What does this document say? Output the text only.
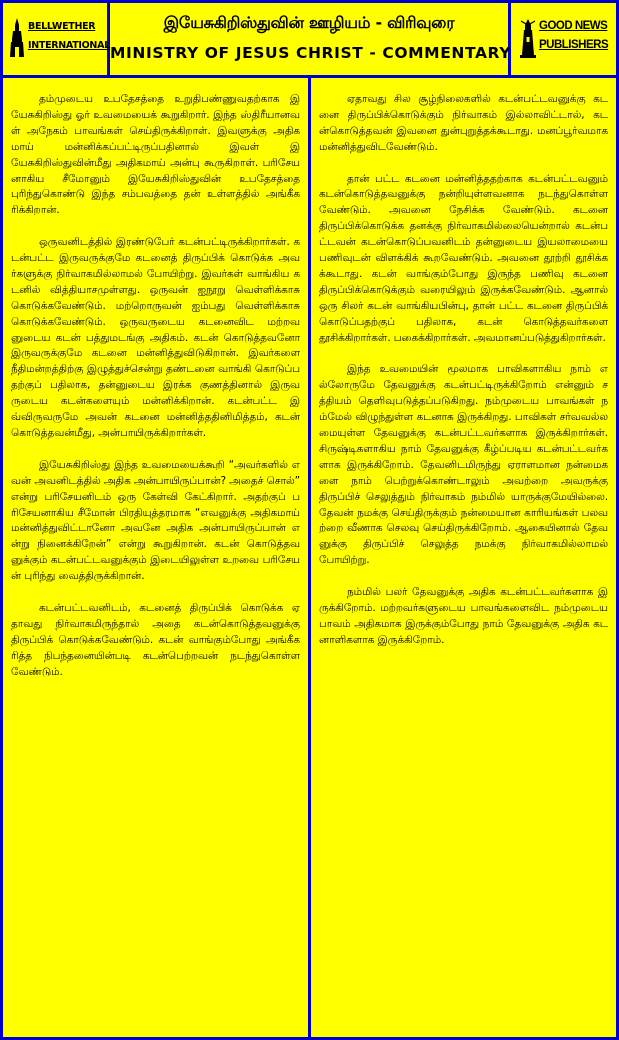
BELLWETHER
INTERNATIONAL
இயேசுகிறிஸ்துவின் ஊழியம் - விரிவுரை
MINISTRY OF JESUS CHRIST - COMMENTARY
GOOD NEWS
PUBLISHERS

தம்முடைய உபதேசத்தை உறுதிபண்ணுவதற்காக இயேசுகிறிஸ்து ஓர் உவமையைக் கூறுகிறார். இந்த ஸ்திரீயானவள் அநேகம் பாவங்கள் செய்திருக்கிறாள். இவளுக்கு அதிகமாய் மன்னிக்கப்பட்டிருப்பதினால் இவள் இயேசுகிறிஸ்துவின்மீது அதிகமாய் அன்பு கூருகிறாள். பரிசேயனாகிய சீமோனும் இயேசுகிறிஸ்துவின் உபதேசத்தை புரிந்துகொண்டு இந்த சம்பவத்தை தன் உள்ளத்தில் அங்கீகரிக்கிறான்.

ஒருவனிடத்தில் இரண்டுபேர் கடன்பட்டிருக்கிறார்கள். கடன்பட்ட இருவருக்குமே கடனைத் திருப்பிக் கொடுக்க அவர்களுக்கு நிர்வாகமில்லாமல் போயிற்று. இவர்கள் வாங்கிய கடனில் வித்தியாசமுள்ளது. ஒருவன் ஐநூறு வெள்ளிக்காசு கொடுக்கவேண்டும். மற்றொருவன் ஐம்பது வெள்ளிக்காசு கொடுக்கவேண்டும். ஒருவருடைய கடனைவிட மற்றவனுடைய கடன் பத்துமடங்கு அதிகம். கடன் கொடுத்தவனோ இருவருக்குமே கடனை மன்னித்துவிடுகிறான். இவர்களை நீதிமன்றத்திற்கு இழுத்துச்சென்று தண்டனை வாங்கி கொடுப்பதற்குப் பதிலாக, தன்னுடைய இரக்க குணத்தினால் இருவருடைய கடன்களையும் மன்னிக்கிறான். கடன்பட்ட இவ்விருவருமே அவன் கடனை மன்னித்ததினிமித்தம், கடன் கொடுத்தவன்மீது, அன்பாயிருக்கிறார்கள்.

இயேசுகிறிஸ்து இந்த உவமையைக்கூறி “அவர்களில் எவன் அவனிடத்தில் அதிக அன்பாயிருப்பான்? அதைச் சொல்” என்று பரிசேயனிடம் ஒரு கேள்வி கேட்கிறார். அதற்குப் பரிசேயனாகிய சீமோன் பிரதியுத்தரமாக “எவனுக்கு அதிகமாய் மன்னித்துவிட்டானோ அவனே அதிக அன்பாயிருப்பான் என்று நினைக்கிறேன்” என்று கூறுகிறான். கடன் கொடுத்தவனுக்கும் கடன்பட்டவனுக்கும் இடையிலுள்ள உறவை பரிசேயன் புரிந்து வைத்திருக்கிறான்.

கடன்பட்டவனிடம், கடனைத் திருப்பிக் கொடுக்க ஏதாவது நிர்வாகமிருந்தால் அதை கடன்கொடுத்தவனுக்கு திருப்பிக் கொடுக்கவேண்டும். கடன் வாங்கும்போது அங்கீகரித்த நிபந்தனையின்படி கடன்பெற்றவன் நடந்துகொள்ளவேண்டும்.

ஏதாவது சில சூழ்நிலைகளில் கடன்பட்டவனுக்கு கடனை திருப்பிக்கொடுக்கும் நிர்வாகம் இல்லாவிட்டால், கடன்கொடுத்தவன் இவனை துன்புறுத்தக்கூடாது. மனப்பூர்வமாக மன்னித்துவிடவேண்டும்.

தான் பட்ட கடனை மன்னித்ததற்காக கடன்பட்டவனும் கடன்கொடுத்தவனுக்கு நன்றியுள்ளவனாக நடந்துகொள்ளவேண்டும். அவனை நேசிக்க வேண்டும். கடனை திருப்பிக்கொடுக்க தனக்கு நிர்வாகமில்லையென்றால் கடன்பட்டவன் கடன்கொடுப்பவனிடம் தன்னுடைய இயலாமையை பணிவுடன் விளக்கிக் கூறவேண்டும். அவனை தூற்றி தூசிக்கக்கூடாது. கடன் வாங்கும்போது இருந்த பணிவு கடனை திருப்பிக்கொடுக்கும் வரையிலும் இருக்கவேண்டும். ஆனால் ஒரு சிலர் கடன் வாங்கியபின்பு, தான் பட்ட கடனை திருப்பிக் கொடுப்பதற்குப் பதிலாக, கடன் கொடுத்தவர்களை தூசிக்கிறார்கள். பகைக்கிறார்கள். அவமானப்படுத்துகிறார்கள்.

இந்த உவமையின் மூலமாக பாவிகளாகிய நாம் எல்லோருமே தேவனுக்கு கடன்பட்டிருக்கிறோம் என்னும் சத்தியம் தெளிவுபடுத்தப்படுகிறது. நம்முடைய பாவங்கள் நம்மேல் விழுந்துள்ள கடனாக இருக்கிறது. பாவிகள் சர்வவல்லமையுள்ள தேவனுக்கு கடன்பட்டவர்களாக இருக்கிறார்கள். சிருஷ்டிகளாகிய நாம் தேவனுக்கு கீழ்ப்படிய கடன்பட்டவர்களாக இருக்கிறோம். தேவனிடமிருந்து ஏராளமான நன்மைகளை நாம் பெற்றுக்கொண்டாலும் அவற்றை அவருக்கு திருப்பிச் செலுத்தும் நிர்வாகம் நம்மில் யாருக்குமேயில்லை. தேவன் நமக்கு செய்திருக்கும் நன்மையான காரியங்கள் பலவற்றை வீணாக செலவு செய்திருக்கிறோம். ஆகையினால் தேவனுக்கு திருப்பிச் செலுத்த நமக்கு நிர்வாகமில்லாமல் போயிற்று.

நம்மில் பலர் தேவனுக்கு அதிக கடன்பட்டவர்களாக இருக்கிறோம். மற்றவர்களுடைய பாவங்களைவிட நம்முடைய பாவம் அதிகமாக இருக்கும்போது நாம் தேவனுக்கு அதிக கடனாளிகளாக இருக்கிறோம்.
